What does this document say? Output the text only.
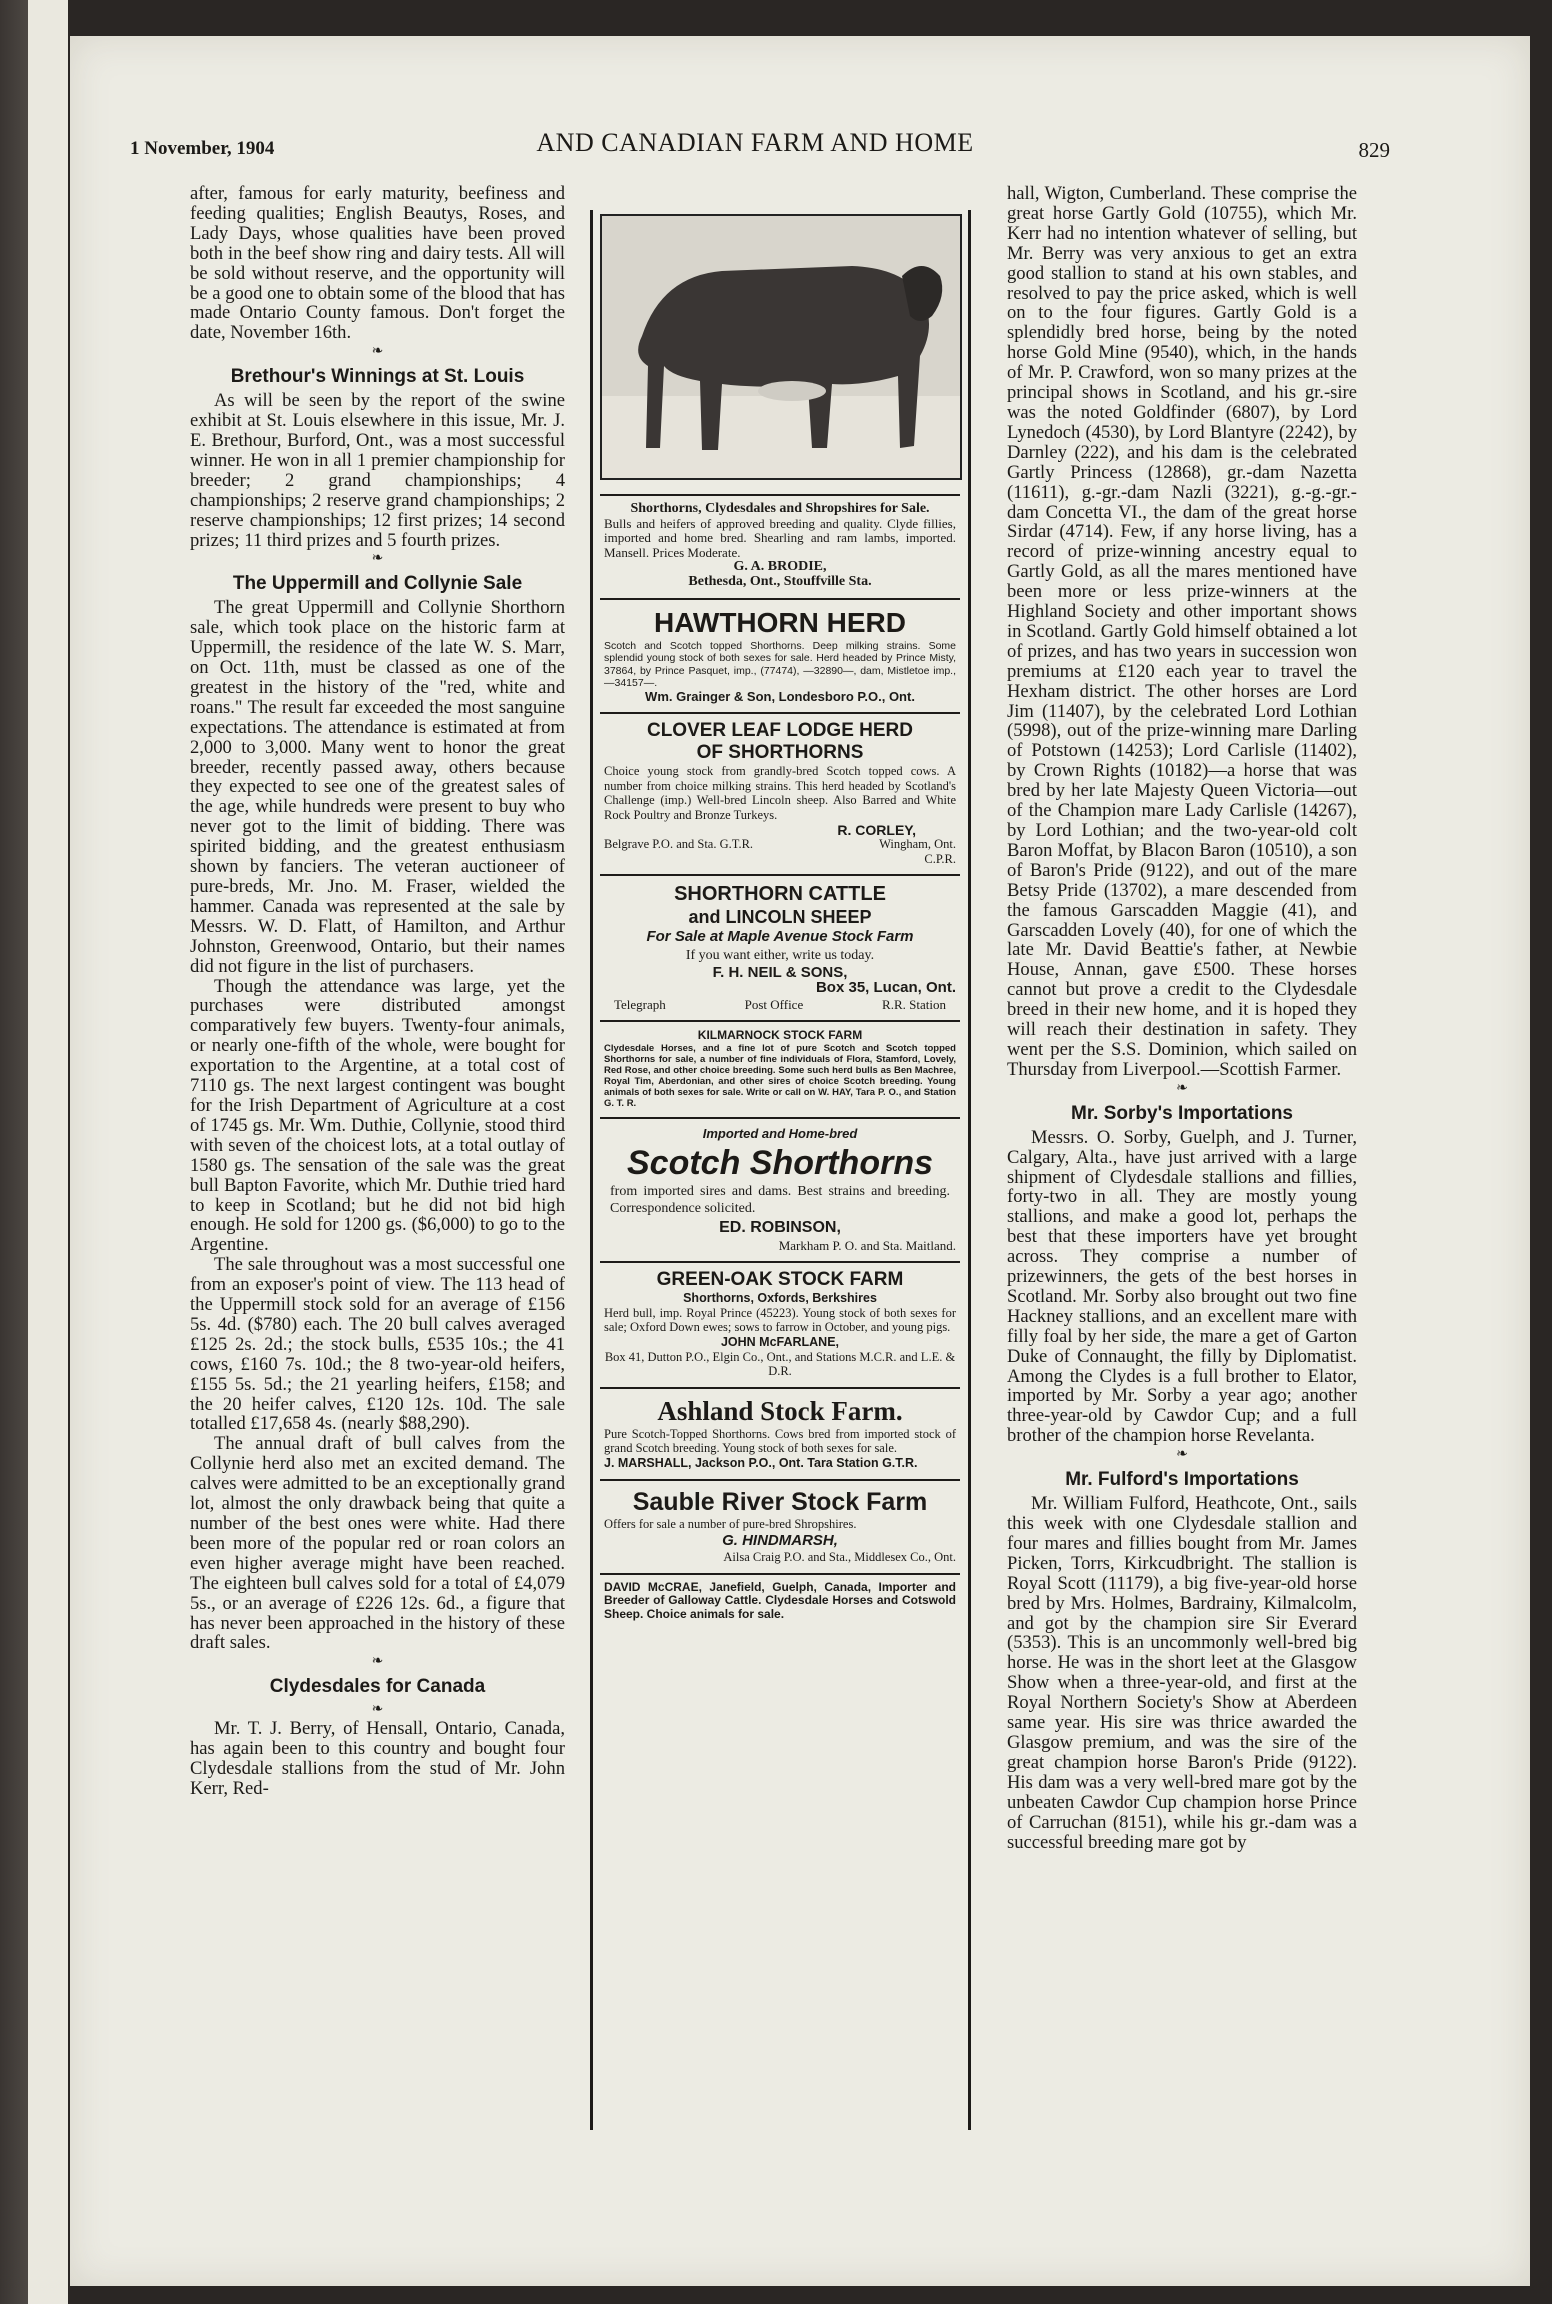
1 November, 1904	AND CANADIAN FARM AND HOME	829

after, famous for early maturity, beefiness and feeding qualities; English Beautys, Roses, and Lady Days, whose qualities have been proved both in the beef show ring and dairy tests. All will be sold without reserve, and the opportunity will be a good one to obtain some of the blood that has made Ontario County famous. Don't forget the date, November 16th.

❧
Brethour's Winnings at St. Louis

As will be seen by the report of the swine exhibit at St. Louis elsewhere in this issue, Mr. J. E. Brethour, Burford, Ont., was a most successful winner. He won in all 1 premier championship for breeder; 2 grand championships; 4 championships; 2 reserve grand championships; 2 reserve championships; 12 first prizes; 14 second prizes; 11 third prizes and 5 fourth prizes.

❧
The Uppermill and Collynie Sale

The great Uppermill and Collynie Shorthorn sale, which took place on the historic farm at Uppermill, the residence of the late W. S. Marr, on Oct. 11th, must be classed as one of the greatest in the history of the "red, white and roans." The result far exceeded the most sanguine expectations. The attendance is estimated at from 2,000 to 3,000. Many went to honor the great breeder, recently passed away, others because they expected to see one of the greatest sales of the age, while hundreds were present to buy who never got to the limit of bidding. There was spirited bidding, and the greatest enthusiasm shown by fanciers. The veteran auctioneer of pure-breds, Mr. Jno. M. Fraser, wielded the hammer. Canada was represented at the sale by Messrs. W. D. Flatt, of Hamilton, and Arthur Johnston, Greenwood, Ontario, but their names did not figure in the list of purchasers.

Though the attendance was large, yet the purchases were distributed amongst comparatively few buyers. Twenty-four animals, or nearly one-fifth of the whole, were bought for exportation to the Argentine, at a total cost of 7110 gs. The next largest contingent was bought for the Irish Department of Agriculture at a cost of 1745 gs. Mr. Wm. Duthie, Collynie, stood third with seven of the choicest lots, at a total outlay of 1580 gs. The sensation of the sale was the great bull Bapton Favorite, which Mr. Duthie tried hard to keep in Scotland; but he did not bid high enough. He sold for 1200 gs. ($6,000) to go to the Argentine.

The sale throughout was a most successful one from an exposer's point of view. The 113 head of the Uppermill stock sold for an average of £156 5s. 4d. ($780) each. The 20 bull calves averaged £125 2s. 2d.; the stock bulls, £535 10s.; the 41 cows, £160 7s. 10d.; the 8 two-year-old heifers, £155 5s. 5d.; the 21 yearling heifers, £158; and the 20 heifer calves, £120 12s. 10d. The sale totalled £17,658 4s. (nearly $88,290).

The annual draft of bull calves from the Collynie herd also met an excited demand. The calves were admitted to be an exceptionally grand lot, almost the only drawback being that quite a number of the best ones were white. Had there been more of the popular red or roan colors an even higher average might have been reached. The eighteen bull calves sold for a total of £4,079 5s., or an average of £226 12s. 6d., a figure that has never been approached in the history of these draft sales.

❧
Clydesdales for Canada
❧

Mr. T. J. Berry, of Hensall, Ontario, Canada, has again been to this country and bought four Clydesdale stallions from the stud of Mr. John Kerr, Red-

Shorthorns, Clydesdales and Shropshires for Sale.
Bulls and heifers of approved breeding and quality. Clyde fillies, imported and home bred. Shearling and ram lambs, imported. Mansell. Prices Moderate.
G. A. BRODIE,
Bethesda, Ont., Stouffville Sta.
HAWTHORN HERD
Scotch and Scotch topped Shorthorns. Deep milking strains. Some splendid young stock of both sexes for sale. Herd headed by Prince Misty, 37864, by Prince Pasquet, imp., (77474), —32890—, dam, Mistletoe imp., —34157—.
Wm. Grainger & Son, Londesboro P.O., Ont.
CLOVER LEAF LODGE HERD
OF SHORTHORNS
Choice young stock from grandly-bred Scotch topped cows. A number from choice milking strains. This herd headed by Scotland's Challenge (imp.) Well-bred Lincoln sheep. Also Barred and White Rock Poultry and Bronze Turkeys.
R. CORLEY,
Belgrave P.O. and Sta. G.T.R.	Wingham, Ont. C.P.R.
SHORTHORN CATTLE
and LINCOLN SHEEP
For Sale at Maple Avenue Stock Farm
If you want either, write us today.
F. H. NEIL & SONS,
Box 35, Lucan, Ont.
Telegraph	Post Office	R.R. Station
KILMARNOCK STOCK FARM
Clydesdale Horses, and a fine lot of pure Scotch and Scotch topped Shorthorns for sale, a number of fine individuals of Flora, Stamford, Lovely, Red Rose, and other choice breeding. Some such herd bulls as Ben Machree, Royal Tim, Aberdonian, and other sires of choice Scotch breeding. Young animals of both sexes for sale. Write or call on W. HAY, Tara P. O., and Station G. T. R.
Imported and Home-bred
Scotch Shorthorns
from imported sires and dams. Best strains and breeding. Correspondence solicited.
ED. ROBINSON,
Markham P. O. and Sta. Maitland.
GREEN-OAK STOCK FARM
Shorthorns, Oxfords, Berkshires
Herd bull, imp. Royal Prince (45223). Young stock of both sexes for sale; Oxford Down ewes; sows to farrow in October, and young pigs.
JOHN McFARLANE,
Box 41, Dutton P.O., Elgin Co., Ont., and Stations M.C.R. and L.E. & D.R.
Ashland Stock Farm.
Pure Scotch-Topped Shorthorns. Cows bred from imported stock of grand Scotch breeding. Young stock of both sexes for sale.
J. MARSHALL, Jackson P.O., Ont. Tara Station G.T.R.
Sauble River Stock Farm
Offers for sale a number of pure-bred Shropshires.
G. HINDMARSH,
Ailsa Craig P.O. and Sta., Middlesex Co., Ont.
DAVID McCRAE, Janefield, Guelph, Canada, Importer and Breeder of Galloway Cattle. Clydesdale Horses and Cotswold Sheep. Choice animals for sale.

hall, Wigton, Cumberland. These comprise the great horse Gartly Gold (10755), which Mr. Kerr had no intention whatever of selling, but Mr. Berry was very anxious to get an extra good stallion to stand at his own stables, and resolved to pay the price asked, which is well on to the four figures. Gartly Gold is a splendidly bred horse, being by the noted horse Gold Mine (9540), which, in the hands of Mr. P. Crawford, won so many prizes at the principal shows in Scotland, and his gr.-sire was the noted Goldfinder (6807), by Lord Lynedoch (4530), by Lord Blantyre (2242), by Darnley (222), and his dam is the celebrated Gartly Princess (12868), gr.-dam Nazetta (11611), g.-gr.-dam Nazli (3221), g.-g.-gr.-dam Concetta VI., the dam of the great horse Sirdar (4714). Few, if any horse living, has a record of prize-winning ancestry equal to Gartly Gold, as all the mares mentioned have been more or less prize-winners at the Highland Society and other important shows in Scotland. Gartly Gold himself obtained a lot of prizes, and has two years in succession won premiums at £120 each year to travel the Hexham district. The other horses are Lord Jim (11407), by the celebrated Lord Lothian (5998), out of the prize-winning mare Darling of Potstown (14253); Lord Carlisle (11402), by Crown Rights (10182)—a horse that was bred by her late Majesty Queen Victoria—out of the Champion mare Lady Carlisle (14267), by Lord Lothian; and the two-year-old colt Baron Moffat, by Blacon Baron (10510), a son of Baron's Pride (9122), and out of the mare Betsy Pride (13702), a mare descended from the famous Garscadden Maggie (41), and Garscadden Lovely (40), for one of which the late Mr. David Beattie's father, at Newbie House, Annan, gave £500. These horses cannot but prove a credit to the Clydesdale breed in their new home, and it is hoped they will reach their destination in safety. They went per the S.S. Dominion, which sailed on Thursday from Liverpool.—Scottish Farmer.

❧
Mr. Sorby's Importations

Messrs. O. Sorby, Guelph, and J. Turner, Calgary, Alta., have just arrived with a large shipment of Clydesdale stallions and fillies, forty-two in all. They are mostly young stallions, and make a good lot, perhaps the best that these importers have yet brought across. They comprise a number of prizewinners, the gets of the best horses in Scotland. Mr. Sorby also brought out two fine Hackney stallions, and an excellent mare with filly foal by her side, the mare a get of Garton Duke of Connaught, the filly by Diplomatist. Among the Clydes is a full brother to Elator, imported by Mr. Sorby a year ago; another three-year-old by Cawdor Cup; and a full brother of the champion horse Revelanta.

❧
Mr. Fulford's Importations

Mr. William Fulford, Heathcote, Ont., sails this week with one Clydesdale stallion and four mares and fillies bought from Mr. James Picken, Torrs, Kirkcudbright. The stallion is Royal Scott (11179), a big five-year-old horse bred by Mrs. Holmes, Bardrainy, Kilmalcolm, and got by the champion sire Sir Everard (5353). This is an uncommonly well-bred big horse. He was in the short leet at the Glasgow Show when a three-year-old, and first at the Royal Northern Society's Show at Aberdeen same year. His sire was thrice awarded the Glasgow premium, and was the sire of the great champion horse Baron's Pride (9122). His dam was a very well-bred mare got by the unbeaten Cawdor Cup champion horse Prince of Carruchan (8151), while his gr.-dam was a successful breeding mare got by
